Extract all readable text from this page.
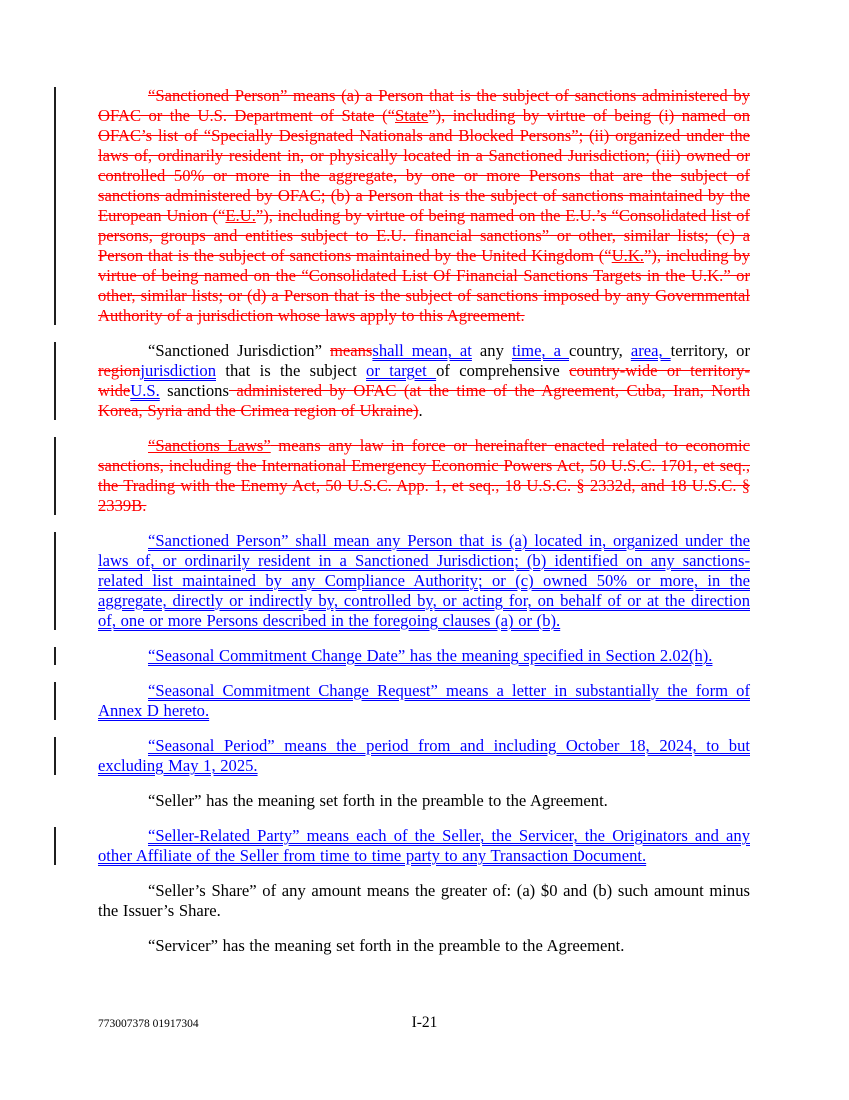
“Sanctioned Person” means (a) a Person that is the subject of sanctions administered by OFAC or the U.S. Department of State (“State”), including by virtue of being (i) named on OFAC’s list of “Specially Designated Nationals and Blocked Persons”; (ii) organized under the laws of, ordinarily resident in, or physically located in a Sanctioned Jurisdiction; (iii) owned or controlled 50% or more in the aggregate, by one or more Persons that are the subject of sanctions administered by OFAC; (b) a Person that is the subject of sanctions maintained by the European Union (“E.U.”), including by virtue of being named on the E.U.’s “Consolidated list of persons, groups and entities subject to E.U. financial sanctions” or other, similar lists; (c) a Person that is the subject of sanctions maintained by the United Kingdom (“U.K.”), including by virtue of being named on the “Consolidated List Of Financial Sanctions Targets in the U.K.” or other, similar lists; or (d) a Person that is the subject of sanctions imposed by any Governmental Authority of a jurisdiction whose laws apply to this Agreement.

“Sanctioned Jurisdiction” meansshall mean, at any time, a country, area, territory, or regionjurisdiction that is the subject or target of comprehensive country-wide or territory-wideU.S. sanctions administered by OFAC (at the time of the Agreement, Cuba, Iran, North Korea, Syria and the Crimea region of Ukraine).

“Sanctions Laws” means any law in force or hereinafter enacted related to economic sanctions, including the International Emergency Economic Powers Act, 50 U.S.C. 1701, et seq., the Trading with the Enemy Act, 50 U.S.C. App. 1, et seq., 18 U.S.C. § 2332d, and 18 U.S.C. § 2339B.

“Sanctioned Person” shall mean any Person that is (a) located in, organized under the laws of, or ordinarily resident in a Sanctioned Jurisdiction; (b) identified on any sanctions-related list maintained by any Compliance Authority; or (c) owned 50% or more, in the aggregate, directly or indirectly by, controlled by, or acting for, on behalf of or at the direction of, one or more Persons described in the foregoing clauses (a) or (b).

“Seasonal Commitment Change Date” has the meaning specified in Section 2.02(h).

“Seasonal Commitment Change Request” means a letter in substantially the form of Annex D hereto.

“Seasonal Period” means the period from and including October 18, 2024, to but excluding May 1, 2025.

“Seller” has the meaning set forth in the preamble to the Agreement.

“Seller-Related Party” means each of the Seller, the Servicer, the Originators and any other Affiliate of the Seller from time to time party to any Transaction Document.

“Seller’s Share” of any amount means the greater of: (a) $0 and (b) such amount minus the Issuer’s Share.

“Servicer” has the meaning set forth in the preamble to the Agreement.

773007378 01917304	I-21
